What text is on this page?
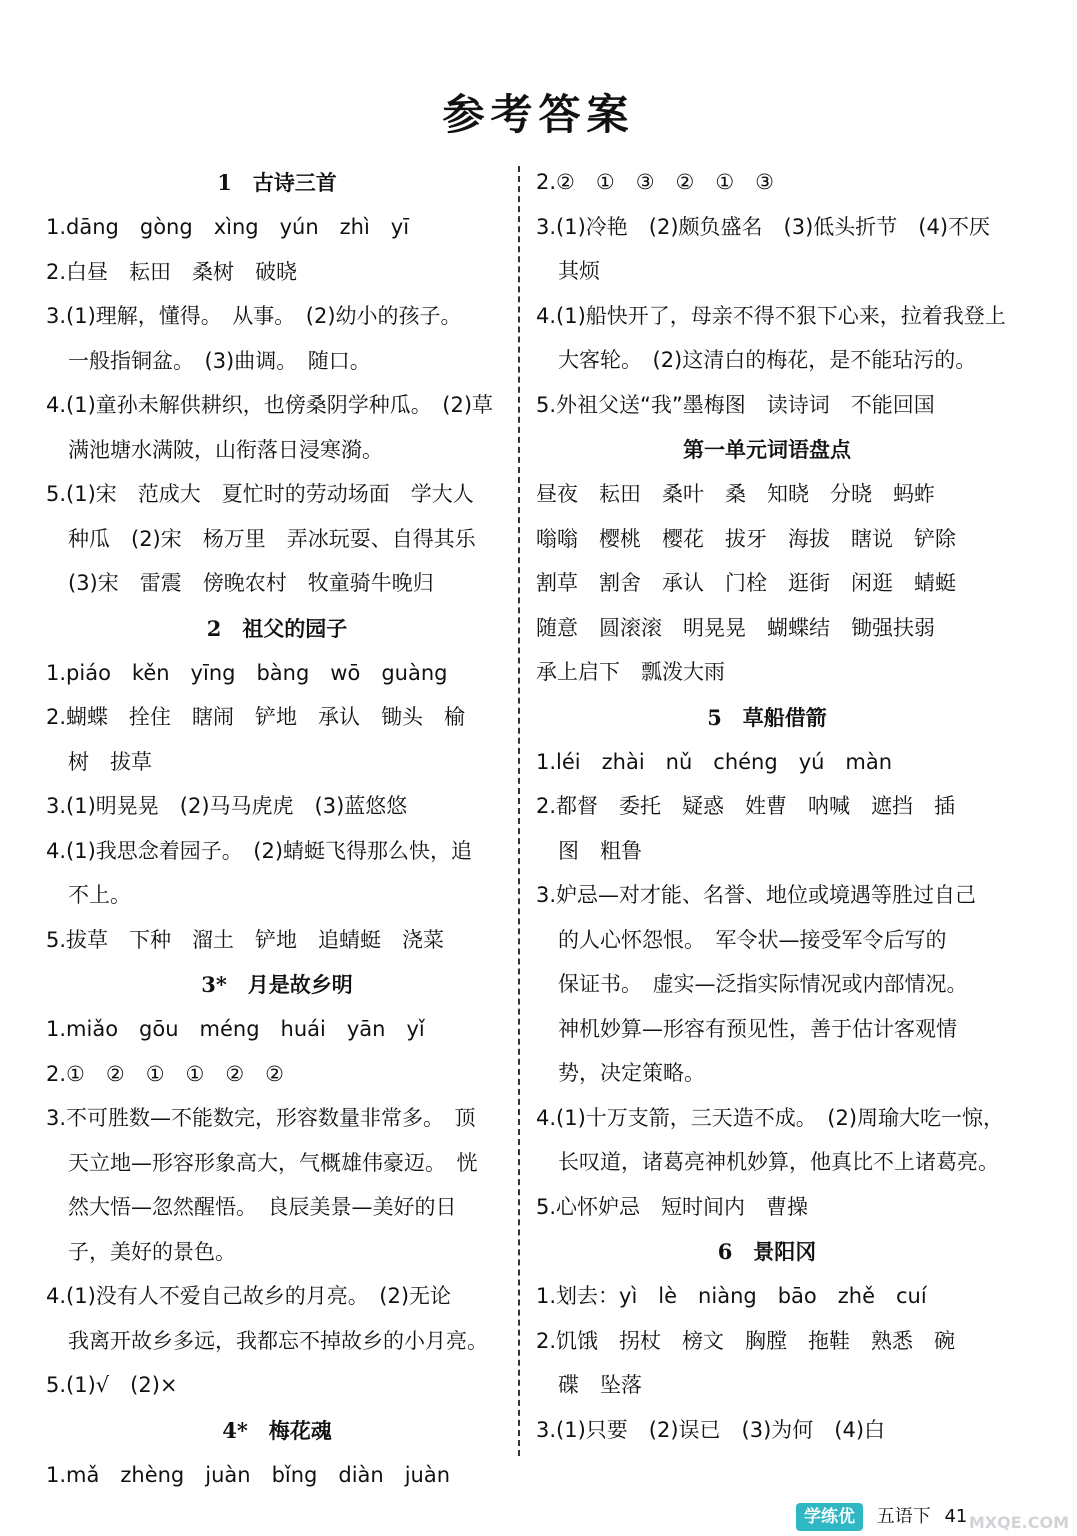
参考答案
1　古诗三首
1.dāng　gòng　xìng　yún　zhì　yī
2.白昼　耘田　桑树　破晓
3.(1)理解，懂得。　从事。　(2)幼小的孩子。
一般指铜盆。　(3)曲调。　随口。
4.(1)童孙未解供耕织，也傍桑阴学种瓜。　(2)草
满池塘水满陂，山衔落日浸寒漪。
5.(1)宋　范成大　夏忙时的劳动场面　学大人
种瓜　(2)宋　杨万里　弄冰玩耍、自得其乐
(3)宋　雷震　傍晚农村　牧童骑牛晚归
2　祖父的园子
1.piáo　kěn　yīng　bàng　wō　guàng
2.蝴蝶　拴住　瞎闹　铲地　承认　锄头　榆
树　拔草
3.(1)明晃晃　(2)马马虎虎　(3)蓝悠悠
4.(1)我思念着园子。　(2)蜻蜓飞得那么快，追
不上。
5.拔草　下种　溜土　铲地　追蜻蜓　浇菜
3*　月是故乡明
1.miǎo　gōu　méng　huái　yān　yǐ
2.①　②　①　①　②　②
3.不可胜数—不能数完，形容数量非常多。　顶
天立地—形容形象高大，气概雄伟豪迈。　恍
然大悟—忽然醒悟。　良辰美景—美好的日
子，美好的景色。
4.(1)没有人不爱自己故乡的月亮。　(2)无论
我离开故乡多远，我都忘不掉故乡的小月亮。
5.(1)√　(2)×
4*　梅花魂
1.mǎ　zhèng　juàn　bǐng　diàn　juàn
2.②　①　③　②　①　③
3.(1)冷艳　(2)颇负盛名　(3)低头折节　(4)不厌
其烦
4.(1)船快开了，母亲不得不狠下心来，拉着我登上
大客轮。　(2)这清白的梅花，是不能玷污的。
5.外祖父送“我”墨梅图　读诗词　不能回国
第一单元词语盘点
昼夜　耘田　桑叶　桑　知晓　分晓　蚂蚱
嗡嗡　樱桃　樱花　拔牙　海拔　瞎说　铲除
割草　割舍　承认　门栓　逛街　闲逛　蜻蜓
随意　圆滚滚　明晃晃　蝴蝶结　锄强扶弱
承上启下　瓢泼大雨
5　草船借箭
1.léi　zhài　nǔ　chéng　yú　màn
2.都督　委托　疑惑　姓曹　呐喊　遮挡　插
图　粗鲁
3.妒忌—对才能、名誉、地位或境遇等胜过自己
的人心怀怨恨。　军令状—接受军令后写的
保证书。　虚实—泛指实际情况或内部情况。
神机妙算—形容有预见性，善于估计客观情
势，决定策略。
4.(1)十万支箭，三天造不成。　(2)周瑜大吃一惊，
长叹道，诸葛亮神机妙算，他真比不上诸葛亮。
5.心怀妒忌　短时间内　曹操
6　景阳冈
1.划去：yì　lè　niàng　bāo　zhě　cuí
2.饥饿　拐杖　榜文　胸膛　拖鞋　熟悉　碗
碟　坠落
3.(1)只要　(2)误已　(3)为何　(4)白
学练优 五语下 41 MXQE.COM
